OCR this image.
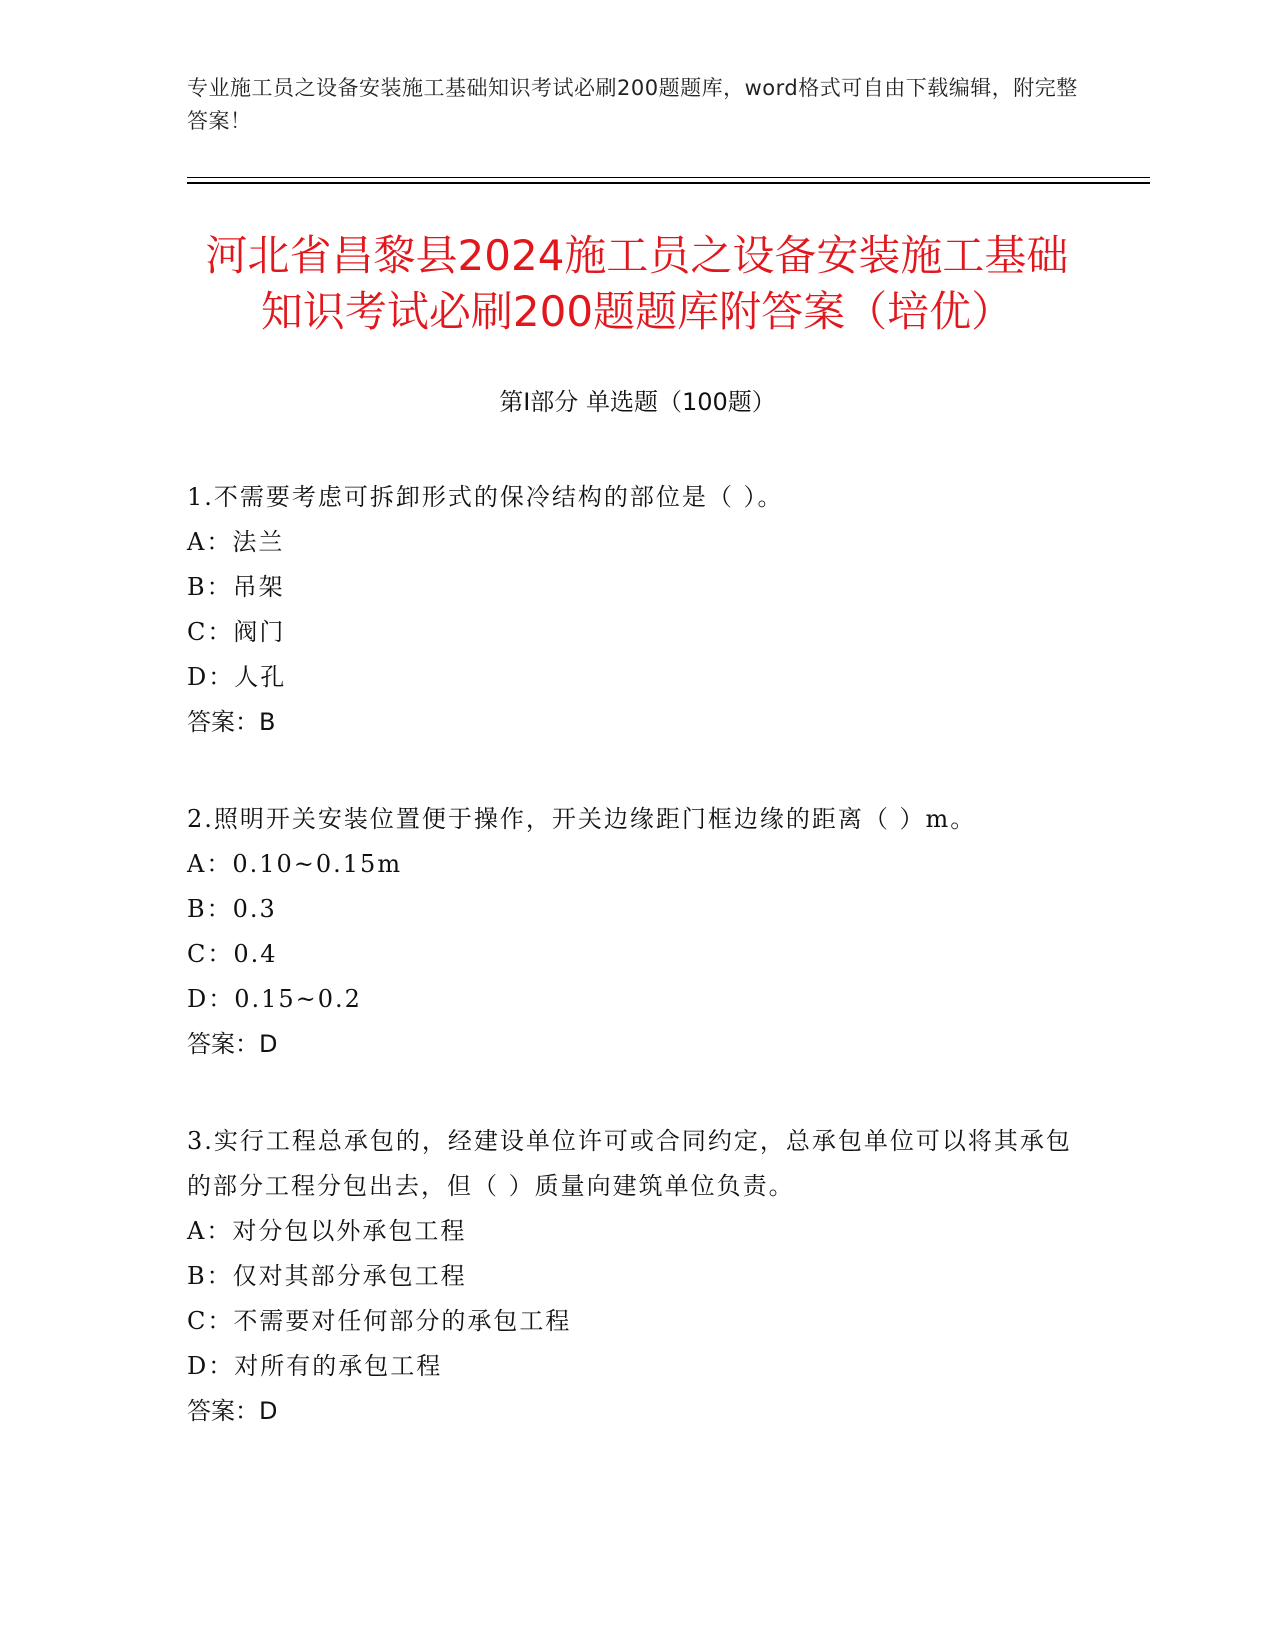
专业施工员之设备安装施工基础知识考试必刷200题题库，word格式可自由下载编辑，附完整答案！
河北省昌黎县2024施工员之设备安装施工基础知识考试必刷200题题库附答案（培优）
第Ⅰ部分 单选题（100题）
1.不需要考虑可拆卸形式的保冷结构的部位是（ ）。
A：法兰
B：吊架
C：阀门
D：人孔
答案：B
2.照明开关安装位置便于操作，开关边缘距门框边缘的距离（ ）m。
A：0.10~0.15m
B：0.3
C：0.4
D：0.15~0.2
答案：D
3.实行工程总承包的，经建设单位许可或合同约定，总承包单位可以将其承包的部分工程分包出去，但（ ）质量向建筑单位负责。
A：对分包以外承包工程
B：仅对其部分承包工程
C：不需要对任何部分的承包工程
D：对所有的承包工程
答案：D
